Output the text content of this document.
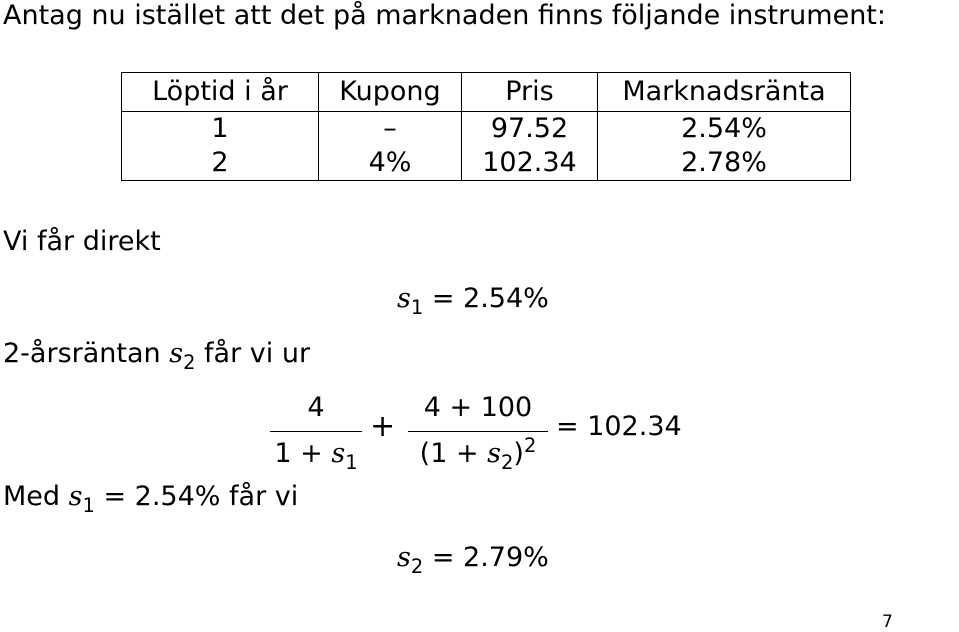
Antag nu istället att det på marknaden finns följande instrument:
Löptid i år	Kupong	Pris	Marknadsränta
1	–	97.52	2.54%
2	4%	102.34	2.78%
Vi får direkt
$s_1 = 2.54\%$
2-årsräntan $s_2$ får vi ur
4
$1 + s_1$
+
4 + 100
$(1 + s_2)^2$
= 102.34
Med $s_1 = 2.54\%$ får vi
$s_2 = 2.79\%$
7
